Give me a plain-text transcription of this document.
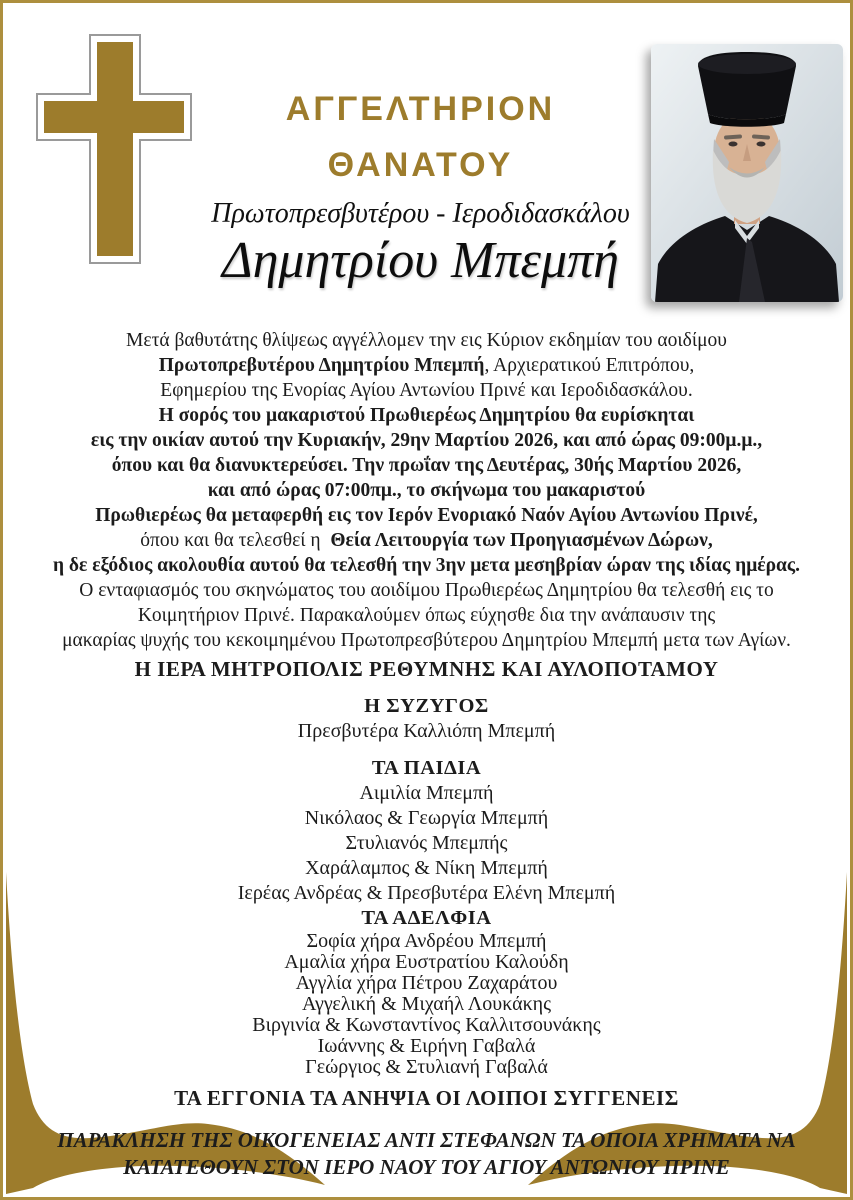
ΑΓΓΕΛΤΗΡΙΟΝ
ΘΑΝΑΤΟΥ
Πρωτοπρεσβυτέρου - Ιεροδιδασκάλου
Δημητρίου Μπεμπή
Μετά βαθυτάτης θλίψεως αγγέλλομεν την εις Κύριον εκδημίαν του αοιδίμου
Πρωτοπρεβυτέρου Δημητρίου Μπεμπή, Αρχιερατικού Επιτρόπου,
Εφημερίου της Ενορίας Αγίου Αντωνίου Πρινέ και Ιεροδιδασκάλου.
Η σορός του μακαριστού Πρωθιερέως Δημητρίου θα ευρίσκηται
εις την οικίαν αυτού την Κυριακήν, 29ην Μαρτίου 2026, και από ώρας 09:00μ.μ.,
όπου και θα διανυκτερεύσει. Την πρωΐαν της Δευτέρας, 30ής Μαρτίου 2026,
και από ώρας 07:00πμ., το σκήνωμα του μακαριστού
Πρωθιερέως θα μεταφερθή εις τον Ιερόν Ενοριακό Ναόν Αγίου Αντωνίου Πρινέ,
όπου και θα τελεσθεί η  Θεία Λειτουργία των Προηγιασμένων Δώρων,
η δε εξόδιος ακολουθία αυτού θα τελεσθή την 3ην μετα μεσηβρίαν ώραν της ιδίας ημέρας.
Ο ενταφιασμός του σκηνώματος του αοιδίμου Πρωθιερέως Δημητρίου θα τελεσθή εις το
Κοιμητήριον Πρινέ. Παρακαλούμεν όπως εύχησθε δια την ανάπαυσιν της
μακαρίας ψυχής του κεκοιμημένου Πρωτοπρεσβύτερου Δημητρίου Μπεμπή μετα των Αγίων.
Η ΙΕΡΑ ΜΗΤΡΟΠΟΛΙΣ ΡΕΘΥΜΝΗΣ ΚΑΙ ΑΥΛΟΠΟΤΑΜΟΥ
Η ΣΥΖΥΓΟΣ
Πρεσβυτέρα Καλλιόπη Μπεμπή
ΤΑ ΠΑΙΔΙΑ
Αιμιλία Μπεμπή
Νικόλαος & Γεωργία Μπεμπή
Στυλιανός Μπεμπής
Χαράλαμπος & Νίκη Μπεμπή
Ιερέας Ανδρέας & Πρεσβυτέρα Ελένη Μπεμπή
ΤΑ ΑΔΕΛΦΙΑ
Σοφία χήρα Ανδρέου Μπεμπή
Αμαλία χήρα Ευστρατίου Καλούδη
Αγγλία χήρα Πέτρου Ζαχαράτου
Αγγελική & Μιχαήλ Λουκάκης
Βιργινία & Κωνσταντίνος Καλλιτσουνάκης
Ιωάννης & Ειρήνη Γαβαλά
Γεώργιος & Στυλιανή Γαβαλά
ΤΑ ΕΓΓΟΝΙΑ ΤΑ ΑΝΗΨΙΑ ΟΙ ΛΟΙΠΟΙ ΣΥΓΓΕΝΕΙΣ
ΠΑΡΑΚΛΗΣΗ ΤΗΣ ΟΙΚΟΓΕΝΕΙΑΣ ΑΝΤΙ ΣΤΕΦΑΝΩΝ ΤΑ ΟΠΟΙΑ ΧΡΗΜΑΤΑ ΝΑ
ΚΑΤΑΤΕΘΟΥΝ ΣΤΟΝ ΙΕΡΟ ΝΑΟΥ ΤΟΥ ΑΓΙΟΥ ΑΝΤΩΝΙΟΥ ΠΡΙΝΕ
